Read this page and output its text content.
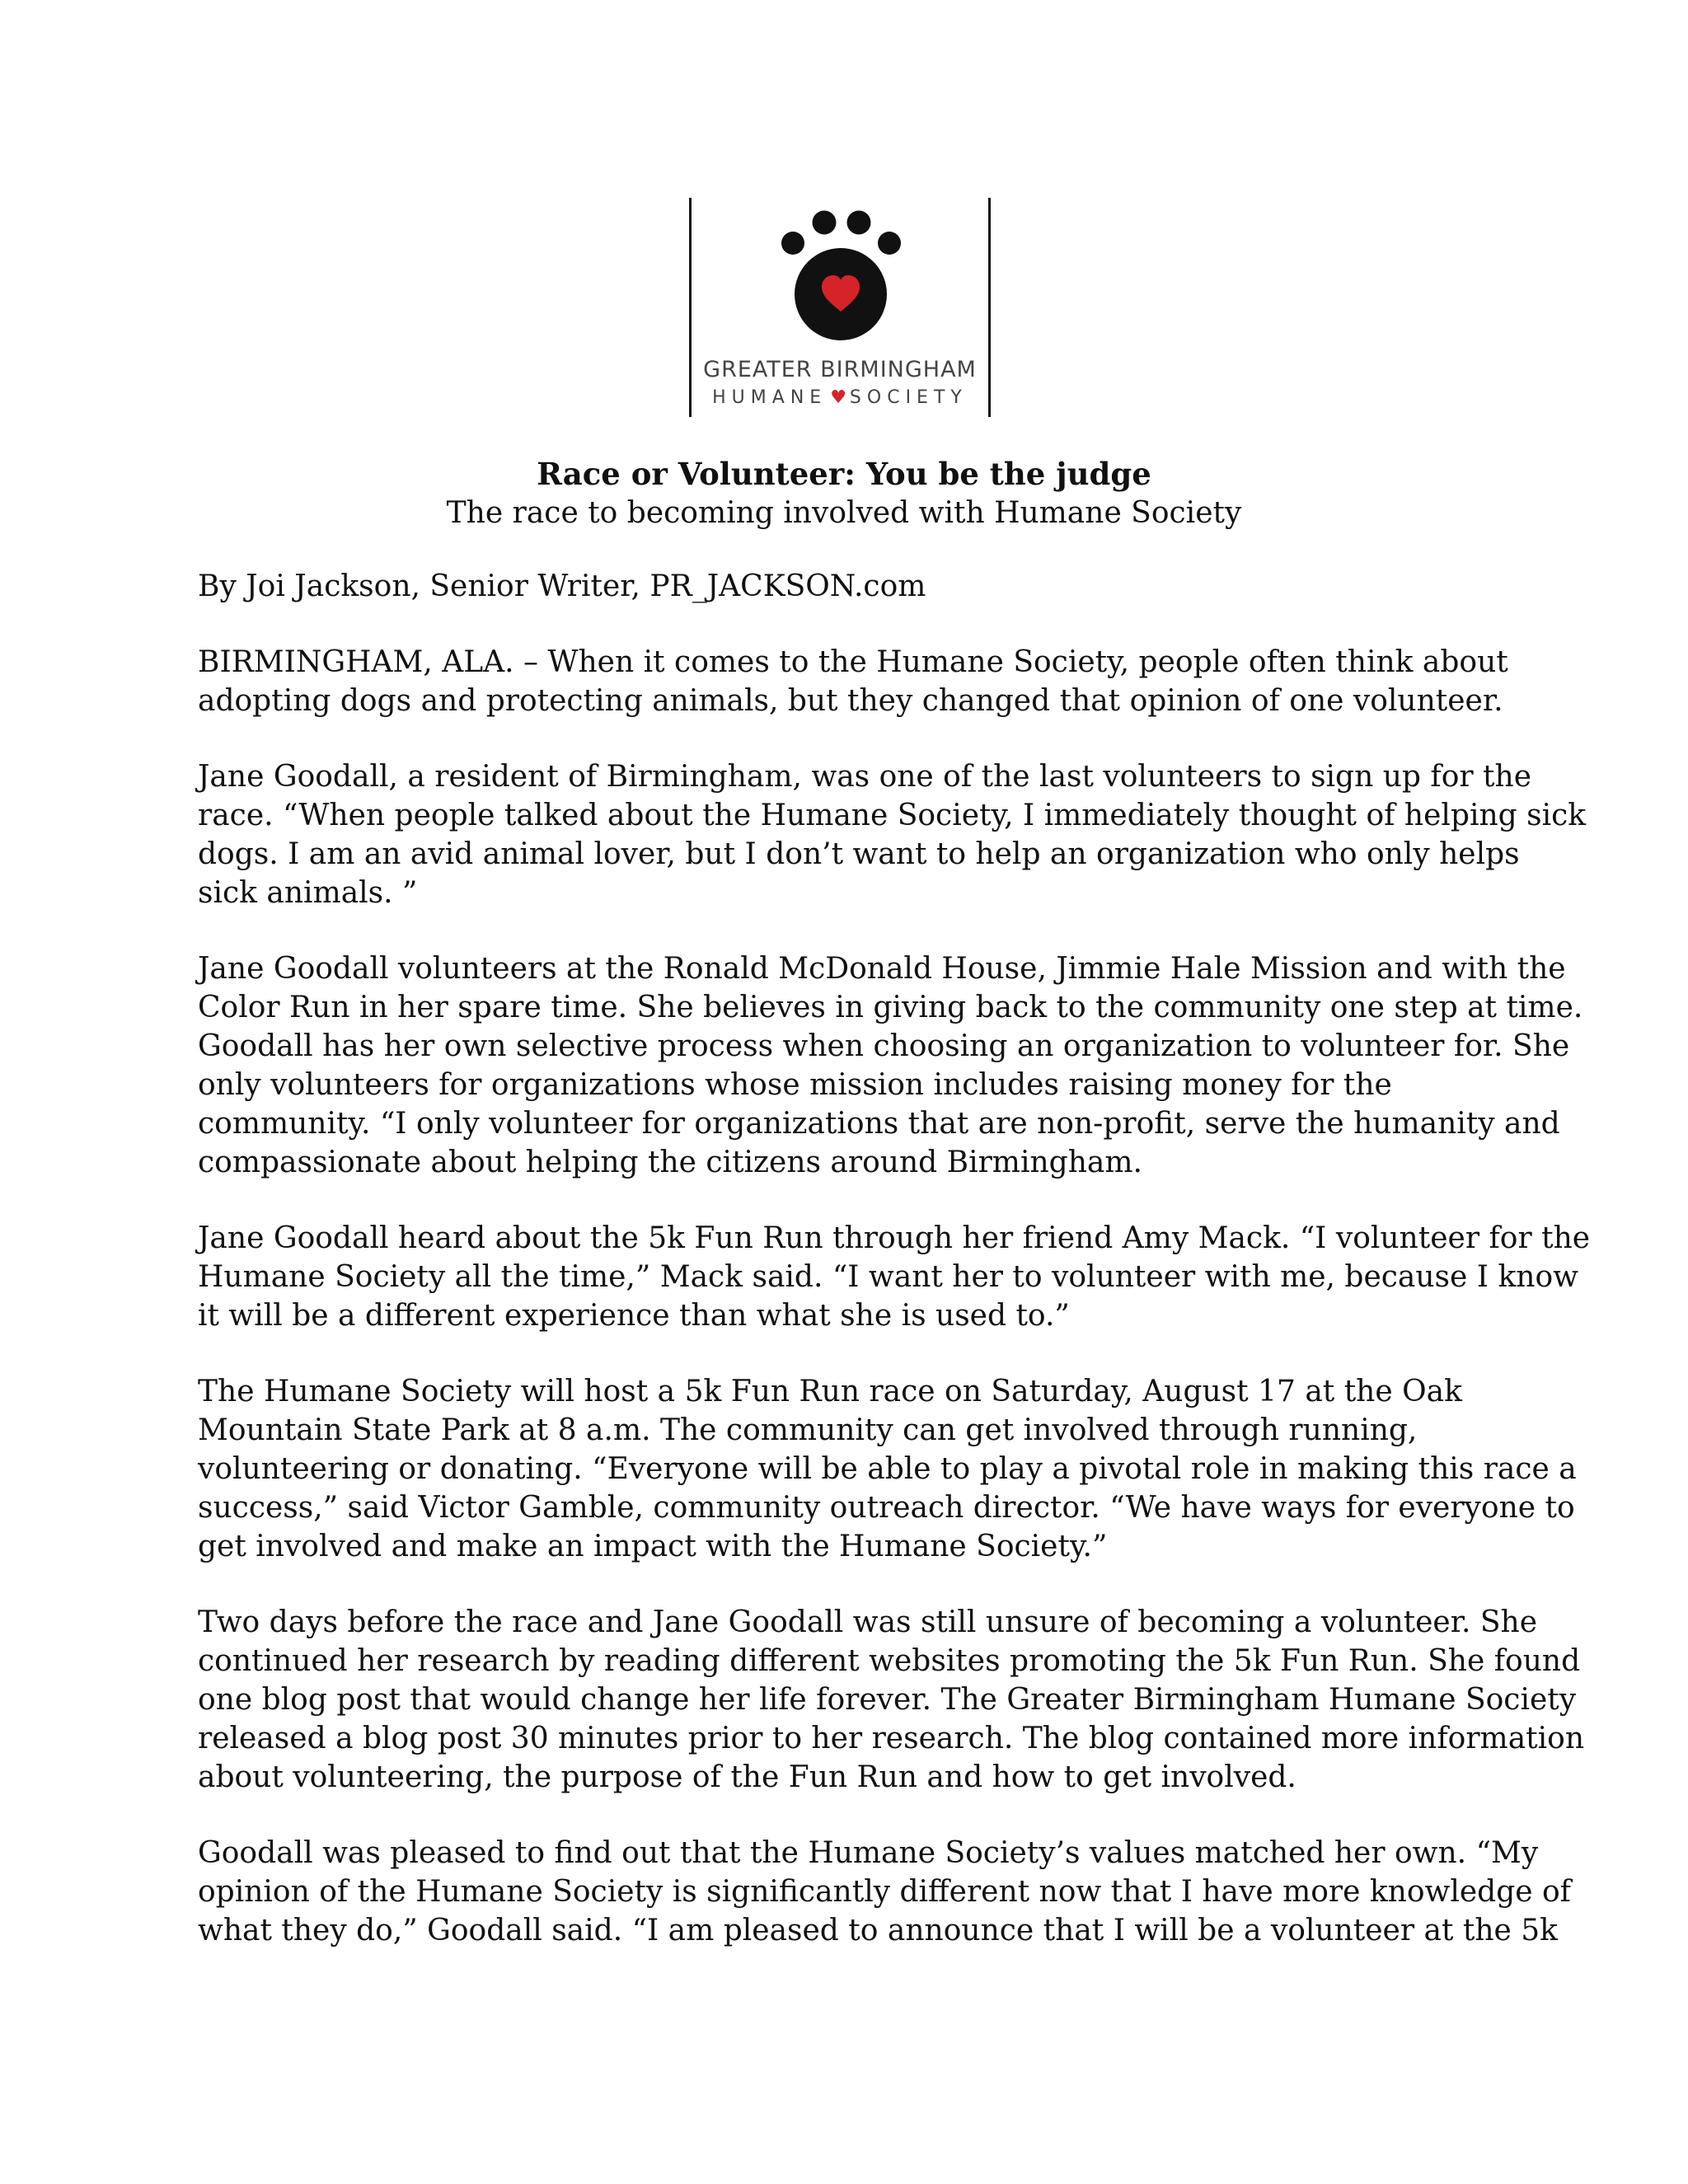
GREATER BIRMINGHAM
HUMANE ♥ SOCIETY
Race or Volunteer: You be the judge
The race to becoming involved with Humane Society

By Joi Jackson, Senior Writer, PR_JACKSON.com

BIRMINGHAM, ALA. – When it comes to the Humane Society, people often think about
adopting dogs and protecting animals, but they changed that opinion of one volunteer.

Jane Goodall, a resident of Birmingham, was one of the last volunteers to sign up for the
race. “When people talked about the Humane Society, I immediately thought of helping sick
dogs. I am an avid animal lover, but I don’t want to help an organization who only helps
sick animals. ”

Jane Goodall volunteers at the Ronald McDonald House, Jimmie Hale Mission and with the
Color Run in her spare time. She believes in giving back to the community one step at time.
Goodall has her own selective process when choosing an organization to volunteer for. She
only volunteers for organizations whose mission includes raising money for the
community. “I only volunteer for organizations that are non-profit, serve the humanity and
compassionate about helping the citizens around Birmingham.

Jane Goodall heard about the 5k Fun Run through her friend Amy Mack. “I volunteer for the
Humane Society all the time,” Mack said. “I want her to volunteer with me, because I know
it will be a different experience than what she is used to.”

The Humane Society will host a 5k Fun Run race on Saturday, August 17 at the Oak
Mountain State Park at 8 a.m. The community can get involved through running,
volunteering or donating. “Everyone will be able to play a pivotal role in making this race a
success,” said Victor Gamble, community outreach director. “We have ways for everyone to
get involved and make an impact with the Humane Society.”

Two days before the race and Jane Goodall was still unsure of becoming a volunteer. She
continued her research by reading different websites promoting the 5k Fun Run. She found
one blog post that would change her life forever. The Greater Birmingham Humane Society
released a blog post 30 minutes prior to her research. The blog contained more information
about volunteering, the purpose of the Fun Run and how to get involved.

Goodall was pleased to find out that the Humane Society’s values matched her own. “My
opinion of the Humane Society is significantly different now that I have more knowledge of
what they do,” Goodall said. “I am pleased to announce that I will be a volunteer at the 5k
